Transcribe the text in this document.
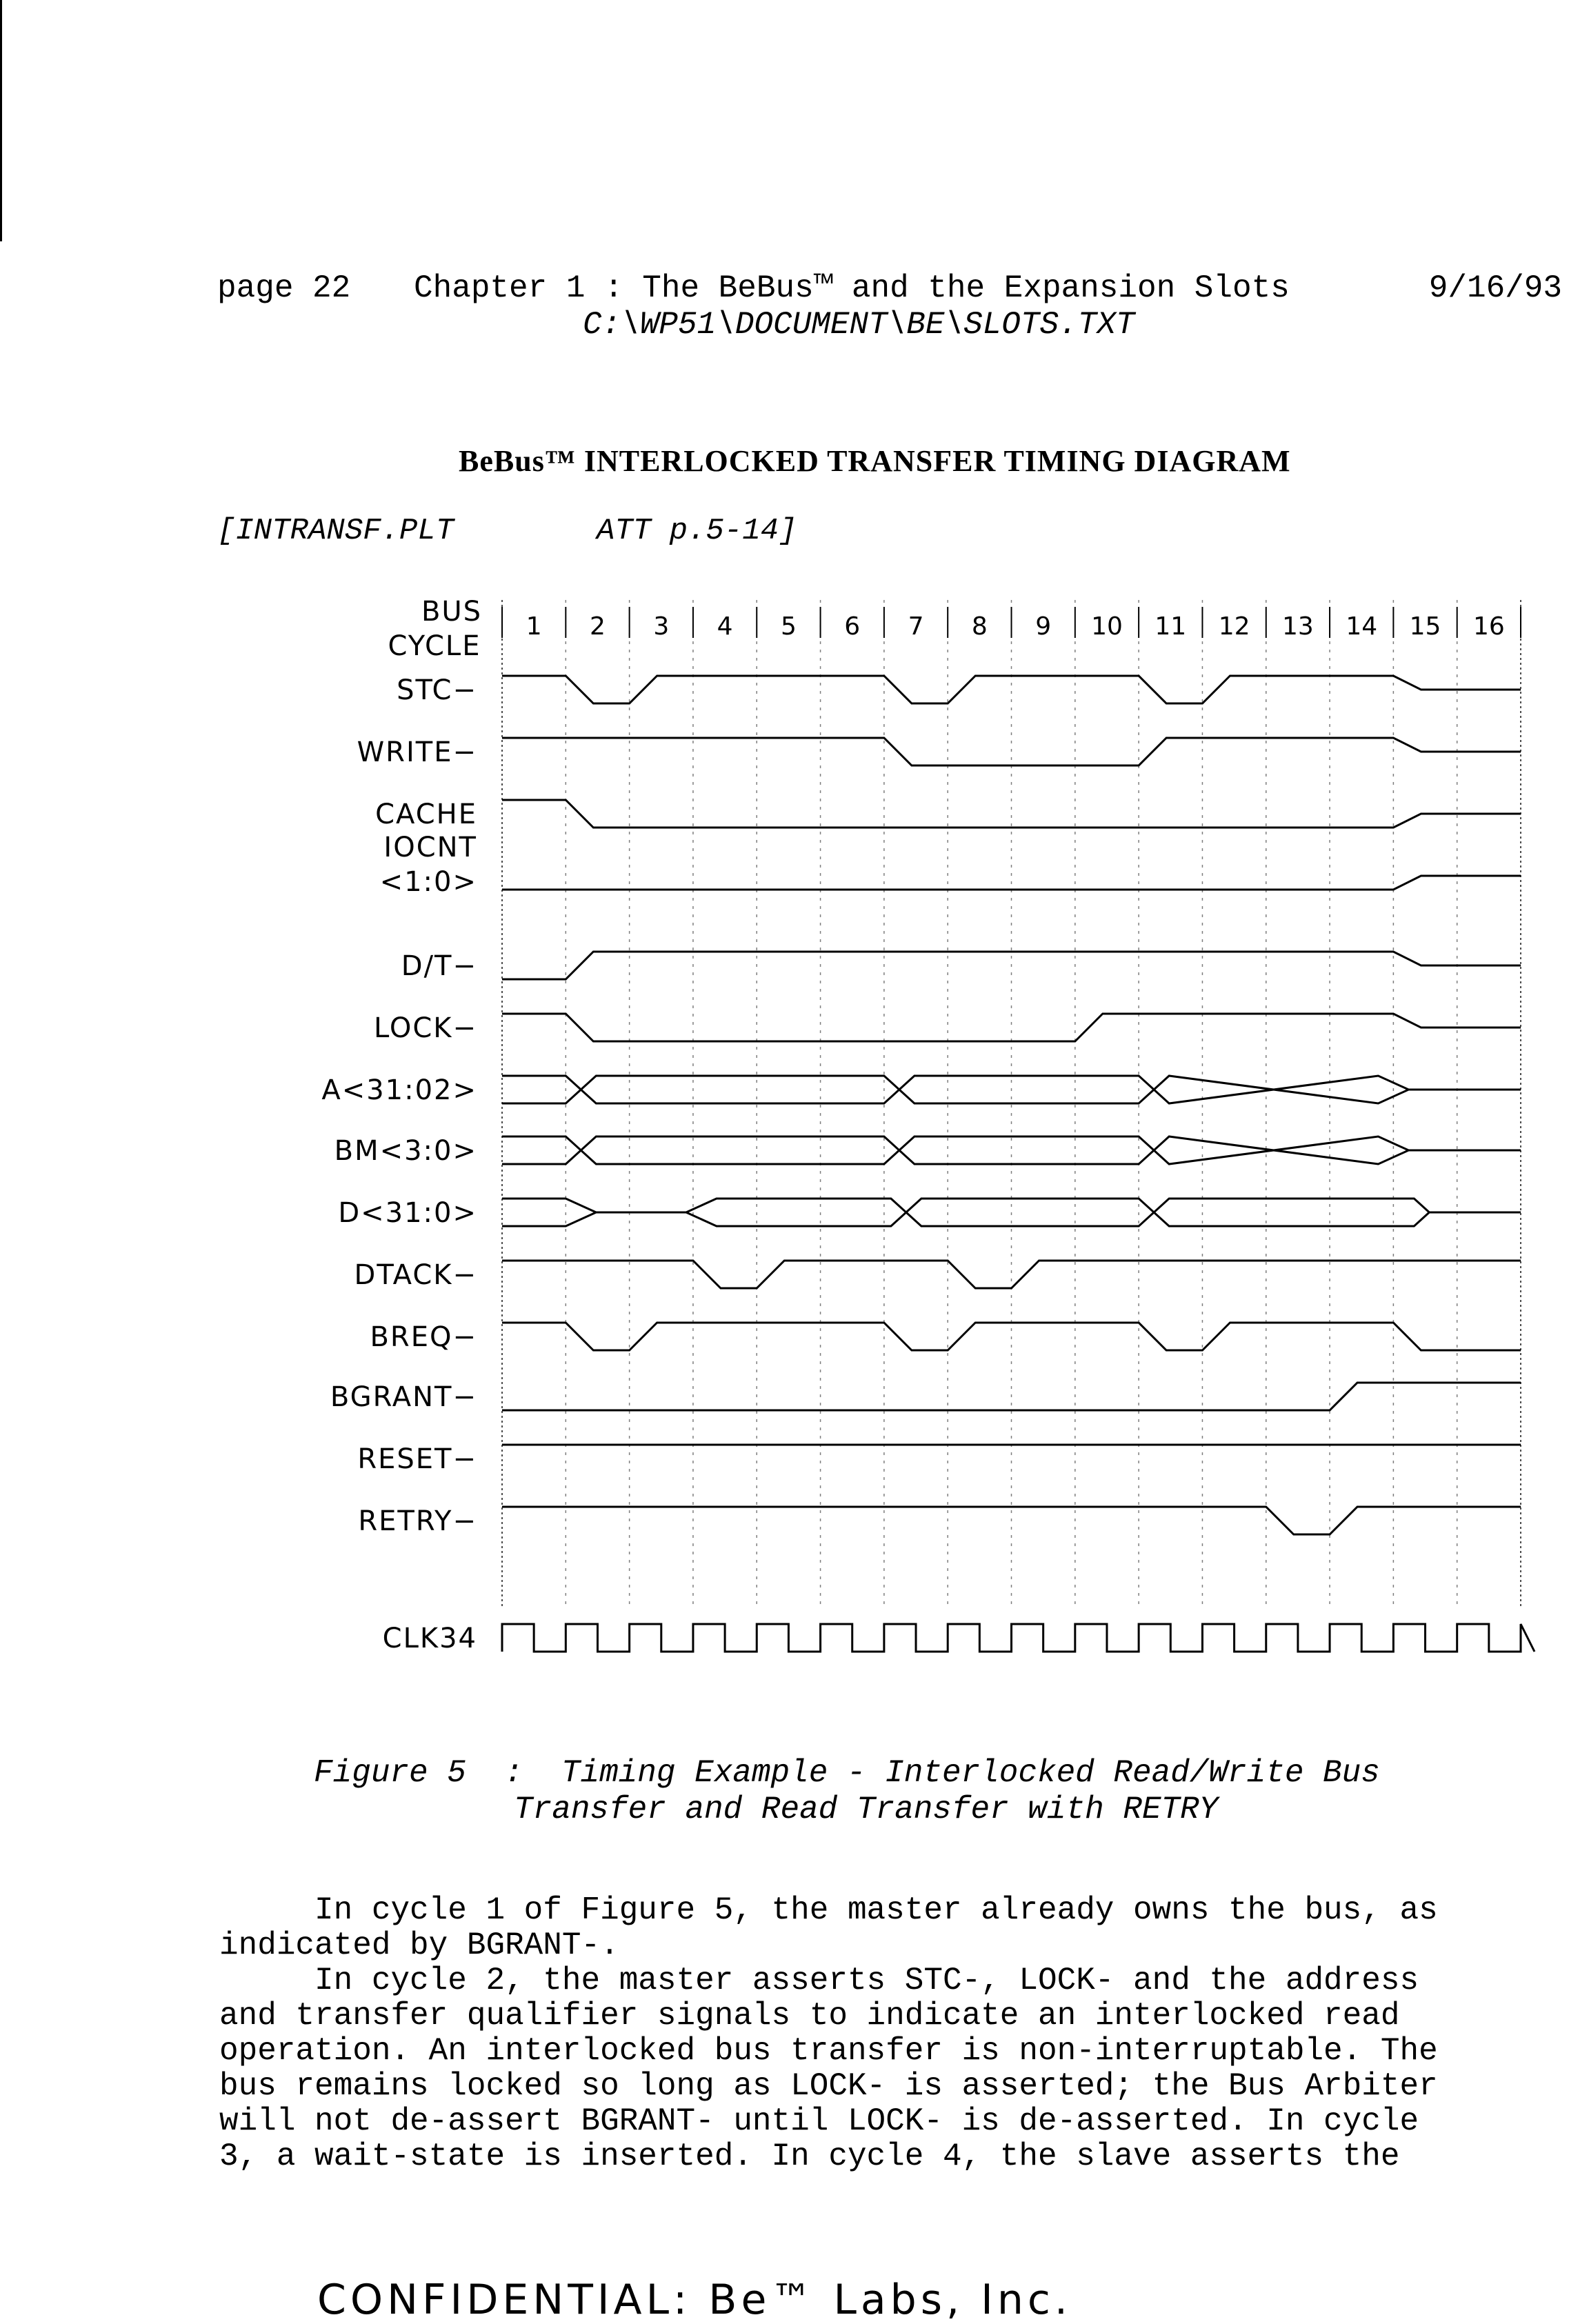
page 22 Chapter 1 : The BeBus™ and the Expansion Slots	9/16/93
C:\WP51\DOCUMENT\BE\SLOTS.TXT
BeBus™ INTERLOCKED TRANSFER TIMING DIAGRAM
[INTRANSF.PLT	ATT p.5-14]
1 2 3 4 5 6 7 8 9 10 11 12 13 14 15 16
BUS
CYCLE
STC−
WRITE−
CACHE
IOCNT
<1:0>
D∕T−
LOCK−
A<31:02>
BM<3:0>
D<31:0>
DTACK−
BREQ−
BGRANT−
RESET−
RETRY−
CLK34
Figure 5  :  Timing Example - Interlocked Read/Write Bus
Transfer and Read Transfer with RETRY

In cycle 1 of Figure 5, the master already owns the bus, as

indicated by BGRANT-.

In cycle 2, the master asserts STC-, LOCK- and the address

and transfer qualifier signals to indicate an interlocked read

operation. An interlocked bus transfer is non-interruptable. The

bus remains locked so long as LOCK- is asserted; the Bus Arbiter

will not de-assert BGRANT- until LOCK- is de-asserted. In cycle

3, a wait-state is inserted. In cycle 4, the slave asserts the

CONFIDENTIAL: Be™ Labs, Inc.
